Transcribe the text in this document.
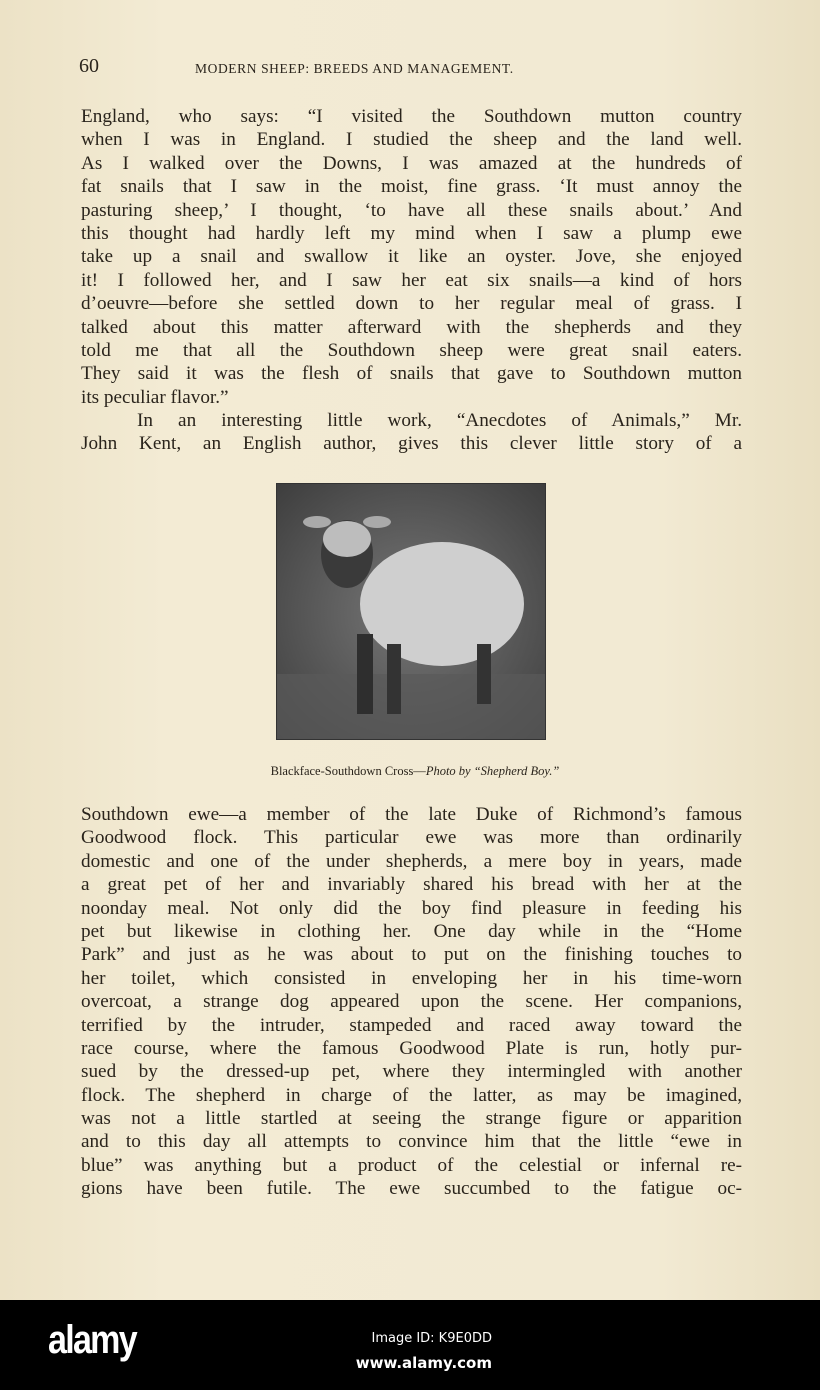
60	MODERN SHEEP: BREEDS AND MANAGEMENT.
England, who says: “I visited the Southdown mutton country
when I was in England. I studied the sheep and the land well.
As I walked over the Downs, I was amazed at the hundreds of
fat snails that I saw in the moist, fine grass. ‘It must annoy the
pasturing sheep,’ I thought, ‘to have all these snails about.’ And
this thought had hardly left my mind when I saw a plump ewe
take up a snail and swallow it like an oyster. Jove, she enjoyed
it! I followed her, and I saw her eat six snails—a kind of hors
d’oeuvre—before she settled down to her regular meal of grass. I
talked about this matter afterward with the shepherds and they
told me that all the Southdown sheep were great snail eaters.
They said it was the flesh of snails that gave to Southdown mutton
its peculiar flavor.”
In an interesting little work, “Anecdotes of Animals,” Mr.
John Kent, an English author, gives this clever little story of a
Blackface-Southdown Cross—Photo by “Shepherd Boy.”
Southdown ewe—a member of the late Duke of Richmond’s famous
Goodwood flock. This particular ewe was more than ordinarily
domestic and one of the under shepherds, a mere boy in years, made
a great pet of her and invariably shared his bread with her at the
noonday meal. Not only did the boy find pleasure in feeding his
pet but likewise in clothing her. One day while in the “Home
Park” and just as he was about to put on the finishing touches to
her toilet, which consisted in enveloping her in his time-worn
overcoat, a strange dog appeared upon the scene. Her companions,
terrified by the intruder, stampeded and raced away toward the
race course, where the famous Goodwood Plate is run, hotly pur-
sued by the dressed-up pet, where they intermingled with another
flock. The shepherd in charge of the latter, as may be imagined,
was not a little startled at seeing the strange figure or apparition
and to this day all attempts to convince him that the little “ewe in
blue” was anything but a product of the celestial or infernal re-
gions have been futile. The ewe succumbed to the fatigue oc-
alamy	Image ID: K9E0DD
www.alamy.com
